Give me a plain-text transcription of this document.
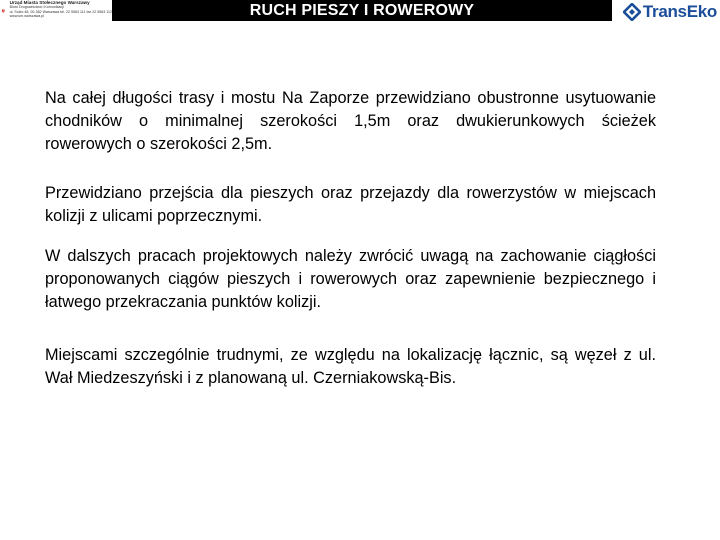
Urząd Miasta Stołecznego Warszawy
Biuro Drogownictwa i Komunikacji
ul. Solec 48, 00-382 Warszawa tel. 22 5563 111 fax 22 5563 112
www.um.warszawa.pl	RUCH PIESZY I ROWEROWY	TransEko

Na całej długości trasy i mostu Na Zaporze przewidziano obustronne usytuowanie chodników o minimalnej szerokości 1,5m oraz dwukierunkowych ścieżek rowerowych o szerokości 2,5m.

Przewidziano przejścia dla pieszych oraz przejazdy dla rowerzystów w miejscach kolizji z ulicami poprzecznymi.

W dalszych pracach projektowych należy zwrócić uwagą na zachowanie ciągłości proponowanych ciągów pieszych i rowerowych oraz zapewnienie bezpiecznego i łatwego przekraczania punktów kolizji.

Miejscami szczególnie trudnymi, ze względu na lokalizację łącznic, są węzeł z ul. Wał Miedzeszyński i z planowaną ul. Czerniakowską-Bis.
